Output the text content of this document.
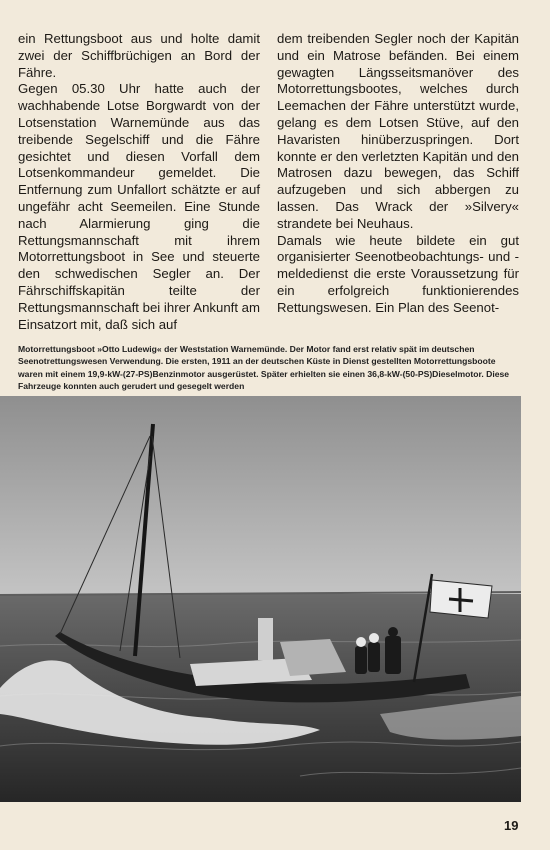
ein Rettungsboot aus und holte damit zwei der Schiffbrüchigen an Bord der Fähre.

Gegen 05.30 Uhr hatte auch der wachhabende Lotse Borgwardt von der Lotsenstation Warnemünde aus das treibende Segelschiff und die Fähre gesichtet und diesen Vorfall dem Lotsenkommandeur gemeldet. Die Entfernung zum Unfallort schätzte er auf ungefähr acht Seemeilen. Eine Stunde nach Alarmierung ging die Rettungsmannschaft mit ihrem Motorrettungsboot in See und steuerte den schwedischen Segler an. Der Fährschiffskapitän teilte der Rettungsmannschaft bei ihrer Ankunft am Einsatzort mit, daß sich auf

dem treibenden Segler noch der Kapitän und ein Matrose befänden. Bei einem gewagten Längsseitsmanöver des Motorrettungsbootes, welches durch Leemachen der Fähre unterstützt wurde, gelang es dem Lotsen Stüve, auf den Havaristen hinüberzuspringen. Dort konnte er den verletzten Kapitän und den Matrosen dazu bewegen, das Schiff aufzugeben und sich abbergen zu lassen. Das Wrack der »Silvery« strandete bei Neuhaus.

Damals wie heute bildete ein gut organisierter Seenotbeobachtungs- und -meldedienst die erste Voraussetzung für ein erfolgreich funktionierendes Rettungswesen. Ein Plan des Seenot-

Motorrettungsboot »Otto Ludewig« der Weststation Warnemünde. Der Motor fand erst relativ spät im deutschen Seenotrettungswesen Verwendung. Die ersten, 1911 an der deutschen Küste in Dienst gestellten Motorrettungsboote waren mit einem 19,9-kW-(27-PS)Benzinmotor ausgerüstet. Später erhielten sie einen 36,8-kW-(50-PS)Dieselmotor. Diese Fahrzeuge konnten auch gerudert und gesegelt werden
19
